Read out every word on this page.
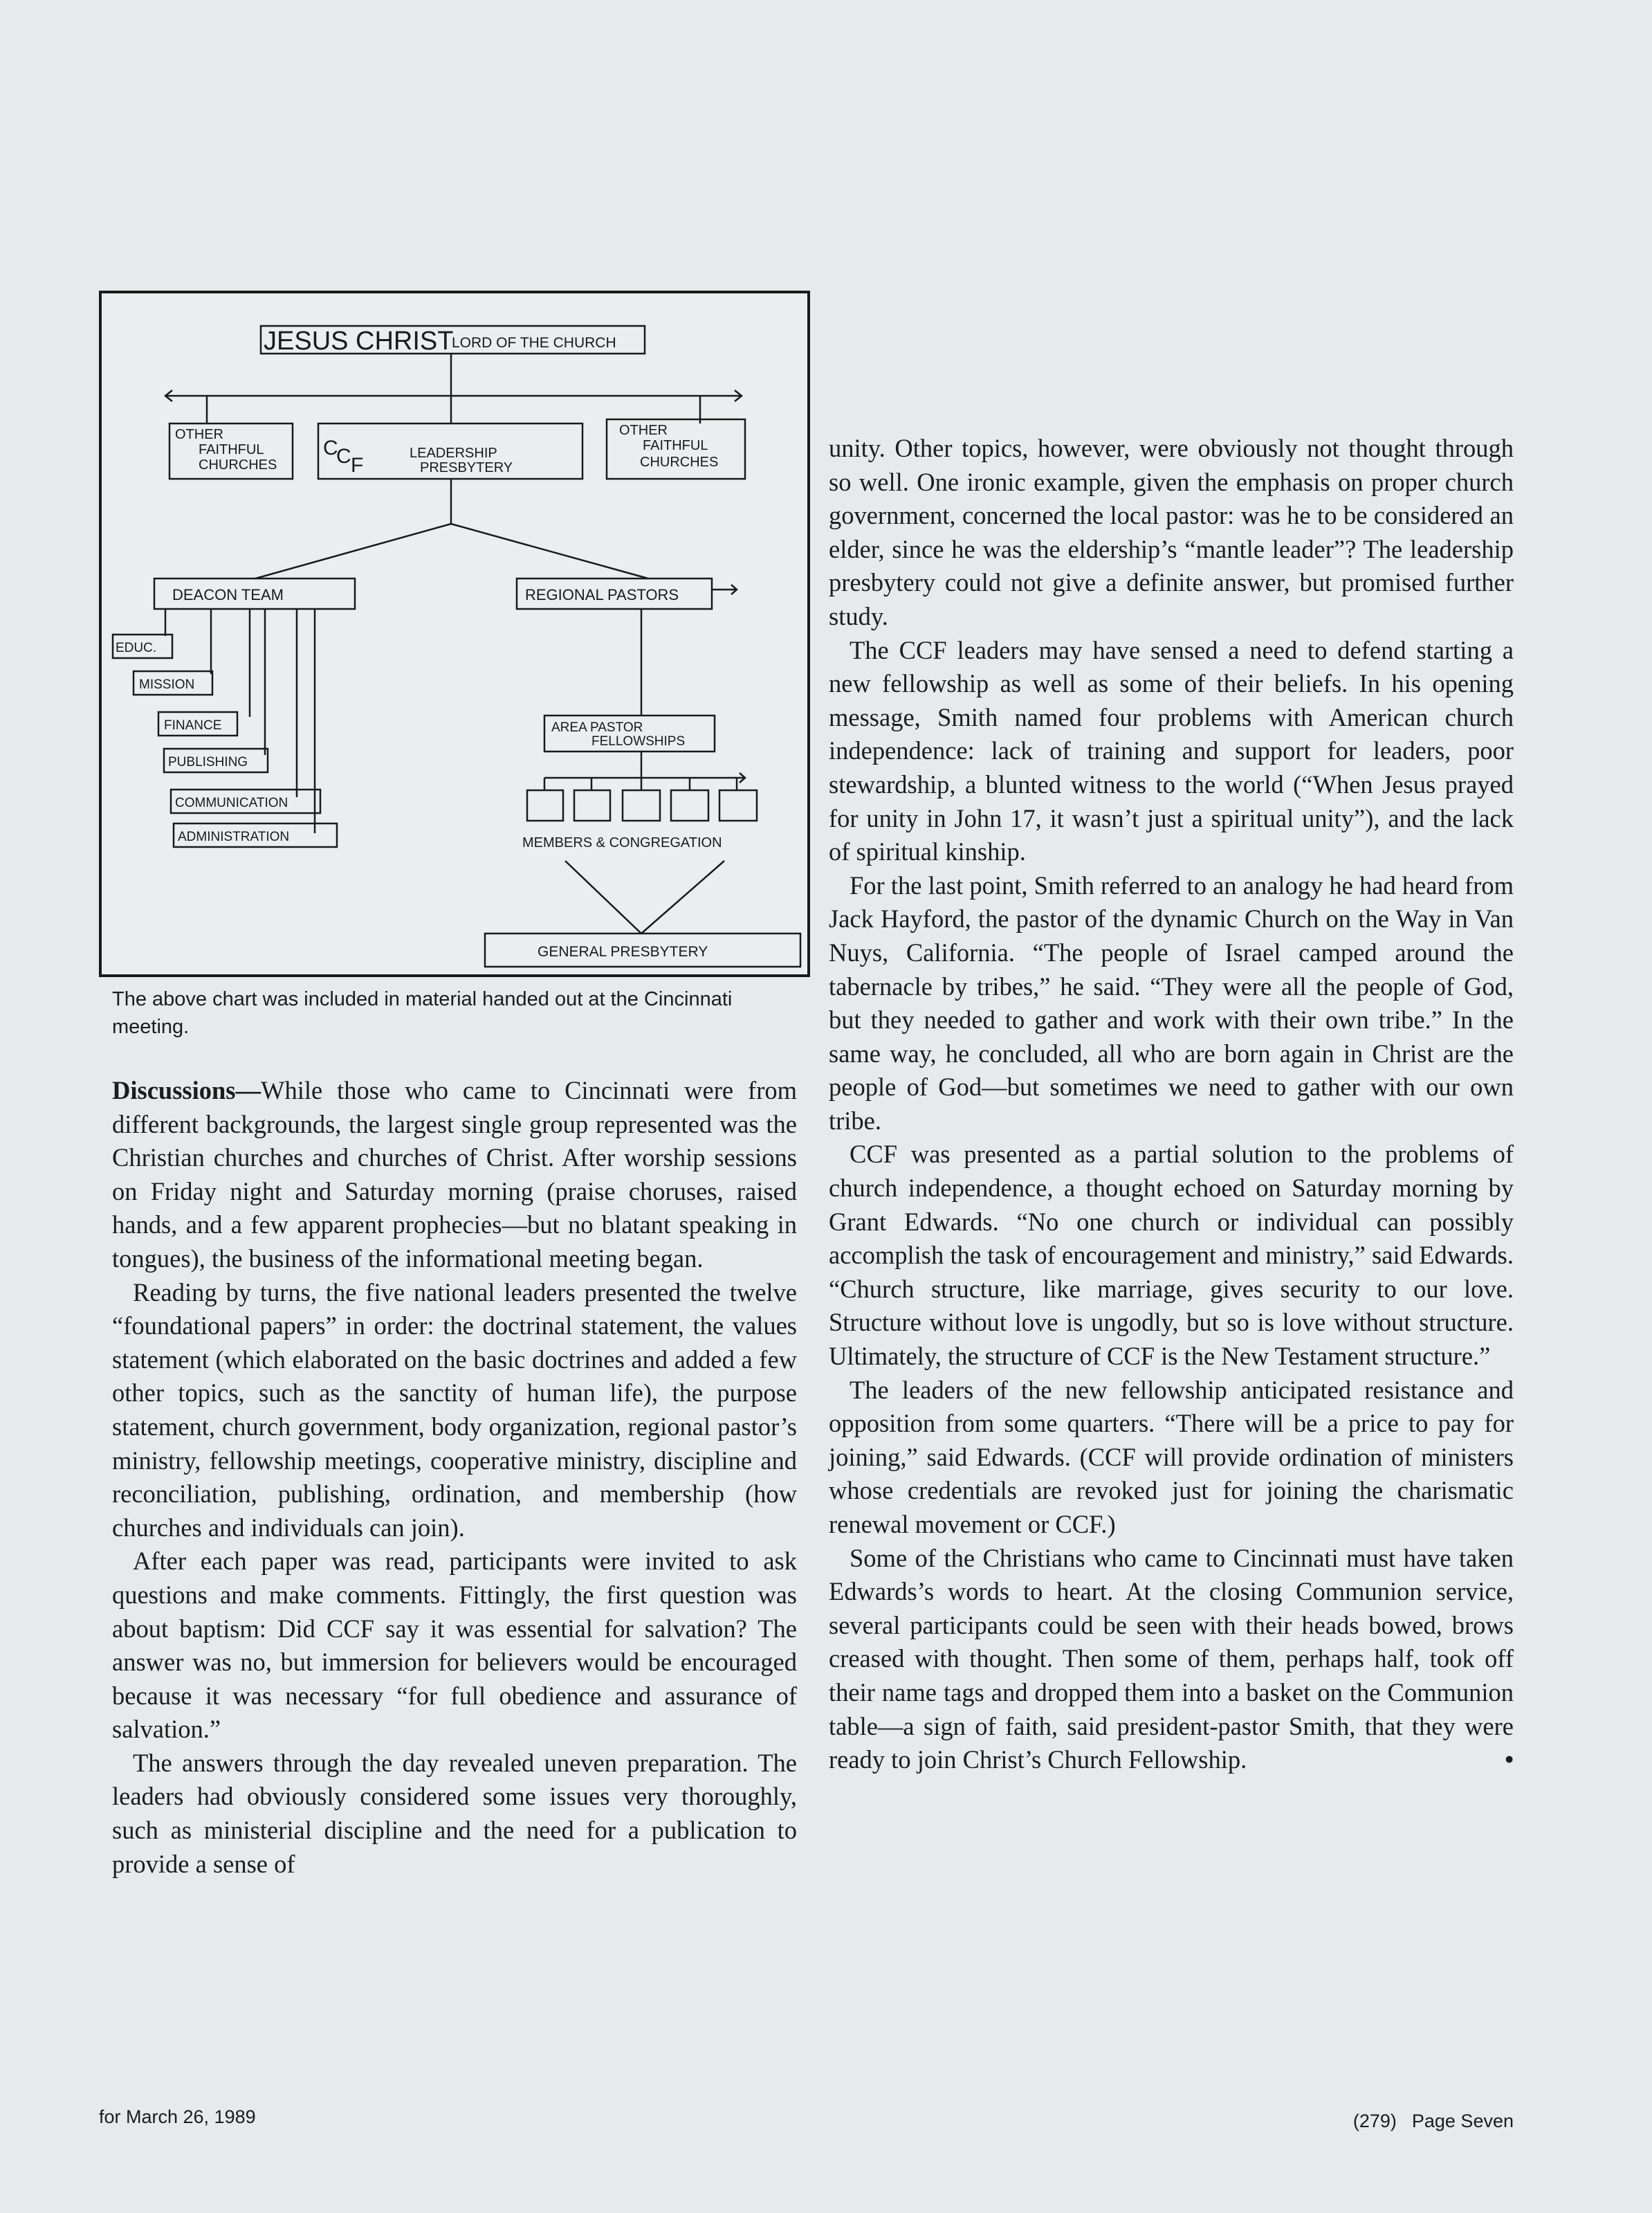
JESUS CHRIST
LORD OF THE CHURCH
OTHER
FAITHFUL
CHURCHES
C
C F
LEADERSHIP
PRESBYTERY
OTHER
FAITHFUL
CHURCHES
DEACON TEAM	REGIONAL PASTORS
EDUC.
MISSION
FINANCE
PUBLISHING
COMMUNICATION
ADMINISTRATION
AREA PASTOR
FELLOWSHIPS
MEMBERS & CONGREGATION
GENERAL PRESBYTERY
The above chart was included in material handed out at the Cincinnati meeting.

Discussions—While those who came to Cincinnati were from different backgrounds, the largest single group represented was the Christian churches and churches of Christ. After worship sessions on Friday night and Saturday morning (praise choruses, raised hands, and a few apparent prophecies—but no blatant speaking in tongues), the business of the informational meeting began.

Reading by turns, the five national leaders presented the twelve “foundational papers” in order: the doctrinal statement, the values statement (which elaborated on the basic doctrines and added a few other topics, such as the sanctity of human life), the purpose statement, church government, body organization, regional pastor’s ministry, fellowship meetings, cooperative ministry, discipline and reconciliation, publishing, ordination, and membership (how churches and individuals can join).

After each paper was read, participants were invited to ask questions and make comments. Fittingly, the first question was about baptism: Did CCF say it was essential for salvation? The answer was no, but immersion for believers would be encouraged because it was necessary “for full obedience and assurance of salvation.”

The answers through the day revealed uneven preparation. The leaders had obviously considered some issues very thoroughly, such as ministerial discipline and the need for a publication to provide a sense of

unity. Other topics, however, were obviously not thought through so well. One ironic example, given the emphasis on proper church government, concerned the local pastor: was he to be considered an elder, since he was the eldership’s “mantle leader”? The leadership presbytery could not give a definite answer, but promised further study.

The CCF leaders may have sensed a need to defend starting a new fellowship as well as some of their beliefs. In his opening message, Smith named four problems with American church independence: lack of training and support for leaders, poor stewardship, a blunted witness to the world (“When Jesus prayed for unity in John 17, it wasn’t just a spiritual unity”), and the lack of spiritual kinship.

For the last point, Smith referred to an analogy he had heard from Jack Hayford, the pastor of the dynamic Church on the Way in Van Nuys, California. “The people of Israel camped around the tabernacle by tribes,” he said. “They were all the people of God, but they needed to gather and work with their own tribe.” In the same way, he concluded, all who are born again in Christ are the people of God—but sometimes we need to gather with our own tribe.

CCF was presented as a partial solution to the problems of church independence, a thought echoed on Saturday morning by Grant Edwards. “No one church or individual can possibly accomplish the task of encouragement and ministry,” said Edwards. “Church structure, like marriage, gives security to our love. Structure without love is ungodly, but so is love without structure. Ultimately, the structure of CCF is the New Testament structure.”

The leaders of the new fellowship anticipated resistance and opposition from some quarters. “There will be a price to pay for joining,” said Edwards. (CCF will provide ordination of ministers whose credentials are revoked just for joining the charismatic renewal movement or CCF.)

Some of the Christians who came to Cincinnati must have taken Edwards’s words to heart. At the closing Communion service, several participants could be seen with their heads bowed, brows creased with thought. Then some of them, perhaps half, took off their name tags and dropped them into a basket on the Communion table—a sign of faith, said president-pastor Smith, that they were ready to join Christ’s Church Fellowship.	•

for March 26, 1989	(279) Page Seven
